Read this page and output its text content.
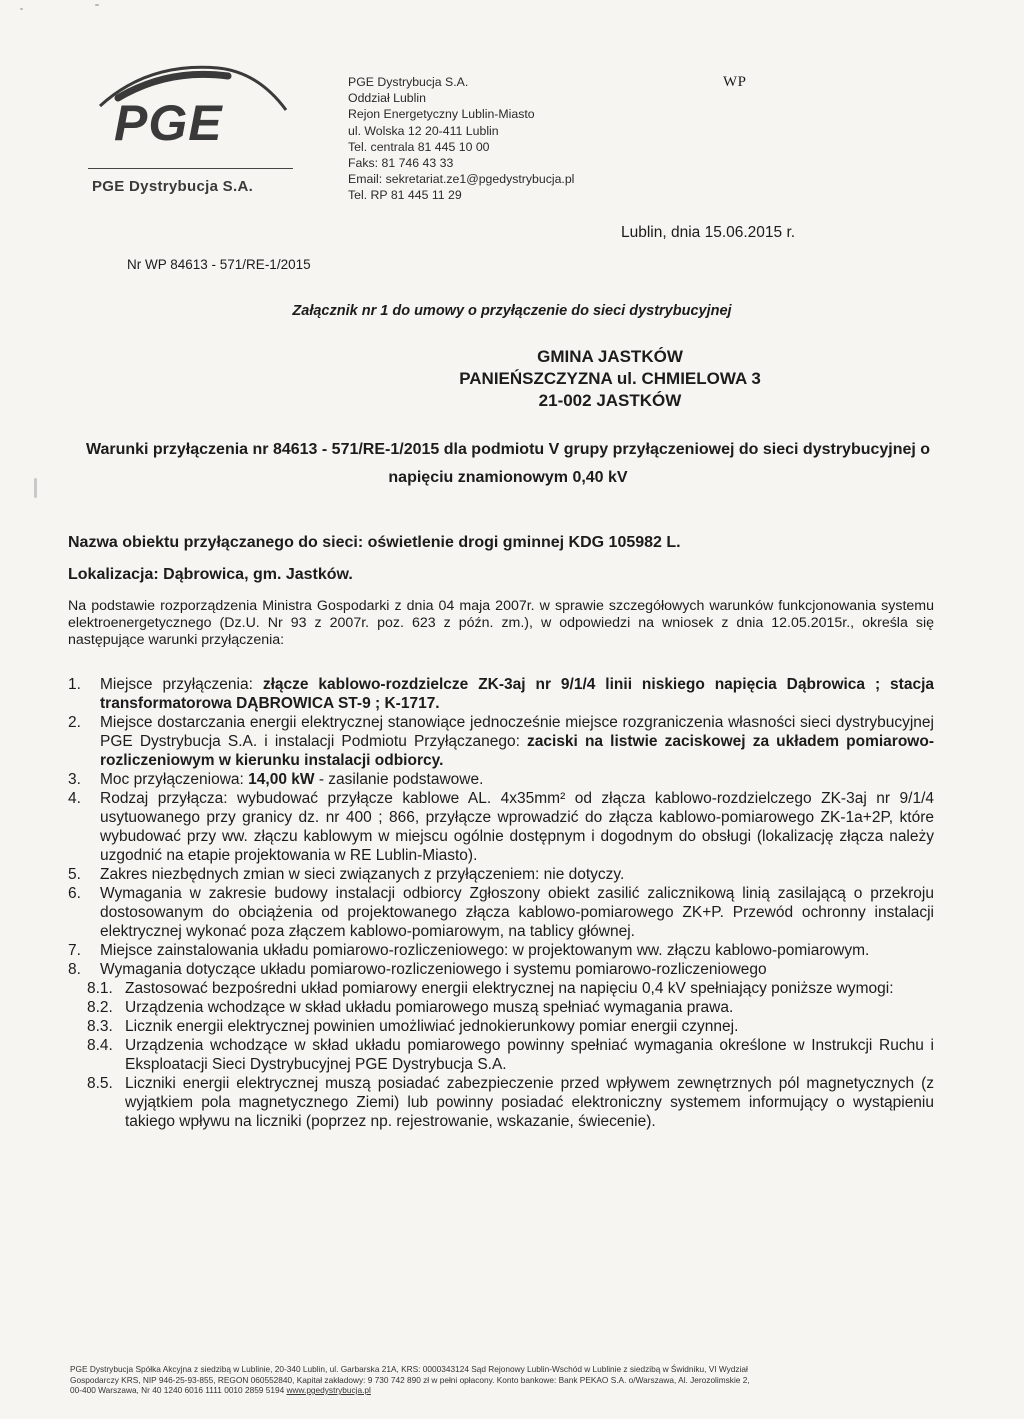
PGE
PGE Dystrybucja S.A.
PGE Dystrybucja S.A.
Oddział Lublin
Rejon Energetyczny Lublin-Miasto
ul. Wolska 12 20-411 Lublin
Tel. centrala 81 445 10 00
Faks: 81 746 43 33
Email: sekretariat.ze1@pgedystrybucja.pl
Tel. RP 81 445 11 29
WP
Lublin, dnia 15.06.2015 r.
Nr WP 84613 - 571/RE-1/2015
Załącznik nr 1 do umowy o przyłączenie do sieci dystrybucyjnej
GMINA JASTKÓW
PANIEŃSZCZYZNA ul. CHMIELOWA 3
21-002 JASTKÓW
Warunki przyłączenia nr 84613 - 571/RE-1/2015 dla podmiotu V grupy przyłączeniowej do sieci dystrybucyjnej o napięciu znamionowym 0,40 kV
Nazwa obiektu przyłączanego do sieci: oświetlenie drogi gminnej KDG 105982 L.
Lokalizacja: Dąbrowica, gm. Jastków.
Na podstawie rozporządzenia Ministra Gospodarki z dnia 04 maja 2007r. w sprawie szczegółowych warunków funkcjonowania systemu elektroenergetycznego (Dz.U. Nr 93 z 2007r. poz. 623 z późn. zm.), w odpowiedzi na wniosek z dnia 12.05.2015r., określa się następujące warunki przyłączenia:
1. Miejsce przyłączenia: złącze kablowo-rozdzielcze ZK-3aj nr 9/1/4 linii niskiego napięcia Dąbrowica ; stacja transformatorowa DĄBROWICA ST-9 ; K-1717.
2. Miejsce dostarczania energii elektrycznej stanowiące jednocześnie miejsce rozgraniczenia własności sieci dystrybucyjnej PGE Dystrybucja S.A. i instalacji Podmiotu Przyłączanego: zaciski na listwie zaciskowej za układem pomiarowo-rozliczeniowym w kierunku instalacji odbiorcy.
3. Moc przyłączeniowa: 14,00 kW - zasilanie podstawowe.
4. Rodzaj przyłącza: wybudować przyłącze kablowe AL. 4x35mm² od złącza kablowo-rozdzielczego ZK-3aj nr 9/1/4 usytuowanego przy granicy dz. nr 400 ; 866, przyłącze wprowadzić do złącza kablowo-pomiarowego ZK-1a+2P, które wybudować przy ww. złączu kablowym w miejscu ogólnie dostępnym i dogodnym do obsługi (lokalizację złącza należy uzgodnić na etapie projektowania w RE Lublin-Miasto).
5. Zakres niezbędnych zmian w sieci związanych z przyłączeniem: nie dotyczy.
6. Wymagania w zakresie budowy instalacji odbiorcy Zgłoszony obiekt zasilić zalicznikową linią zasilającą o przekroju dostosowanym do obciążenia od projektowanego złącza kablowo-pomiarowego ZK+P. Przewód ochronny instalacji elektrycznej wykonać poza złączem kablowo-pomiarowym, na tablicy głównej.
7. Miejsce zainstalowania układu pomiarowo-rozliczeniowego: w projektowanym ww. złączu kablowo-pomiarowym.
8. Wymagania dotyczące układu pomiarowo-rozliczeniowego i systemu pomiarowo-rozliczeniowego
8.1. Zastosować bezpośredni układ pomiarowy energii elektrycznej na napięciu 0,4 kV spełniający poniższe wymogi:
8.2. Urządzenia wchodzące w skład układu pomiarowego muszą spełniać wymagania prawa.
8.3. Licznik energii elektrycznej powinien umożliwiać jednokierunkowy pomiar energii czynnej.
8.4. Urządzenia wchodzące w skład układu pomiarowego powinny spełniać wymagania określone w Instrukcji Ruchu i Eksploatacji Sieci Dystrybucyjnej PGE Dystrybucja S.A.
8.5. Liczniki energii elektrycznej muszą posiadać zabezpieczenie przed wpływem zewnętrznych pól magnetycznych (z wyjątkiem pola magnetycznego Ziemi) lub powinny posiadać elektroniczny systemem informujący o wystąpieniu takiego wpływu na liczniki (poprzez np. rejestrowanie, wskazanie, świecenie).
PGE Dystrybucja Spółka Akcyjna z siedzibą w Lublinie, 20-340 Lublin, ul. Garbarska 21A, KRS: 0000343124 Sąd Rejonowy Lublin-Wschód w Lublinie z siedzibą w Świdniku, VI Wydział
Gospodarczy KRS, NIP 946-25-93-855, REGON 060552840, Kapitał zakładowy: 9 730 742 890 zł w pełni opłacony. Konto bankowe: Bank PEKAO S.A. o/Warszawa, Al. Jerozolimskie 2,
00-400 Warszawa, Nr 40 1240 6016 1111 0010 2859 5194 www.pgedystrybucja.pl
